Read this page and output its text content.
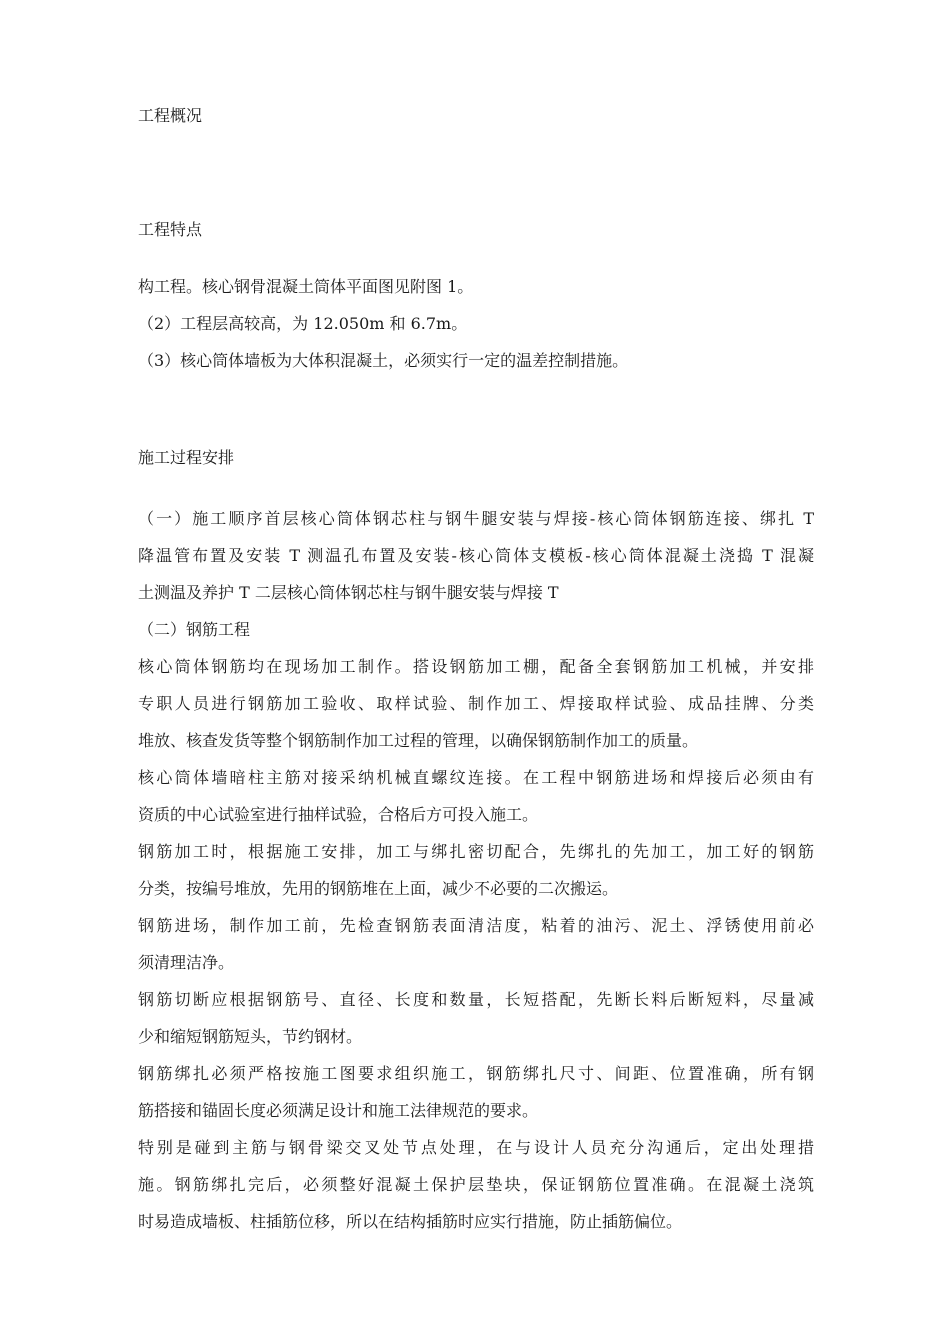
工程概况
工程特点
构工程。核心钢骨混凝土筒体平面图见附图 1。
（2）工程层高较高，为 12.050m 和 6.7m。
（3）核心筒体墙板为大体积混凝土，必须实行一定的温差控制措施。
施工过程安排
（一）施工顺序首层核心筒体钢芯柱与钢牛腿安装与焊接-核心筒体钢筋连接、绑扎 T
降温管布置及安装 T 测温孔布置及安装-核心筒体支模板-核心筒体混凝土浇捣 T 混凝
土测温及养护 T 二层核心筒体钢芯柱与钢牛腿安装与焊接 T
（二）钢筋工程
核心筒体钢筋均在现场加工制作。搭设钢筋加工棚，配备全套钢筋加工机械，并安排
专职人员进行钢筋加工验收、取样试验、制作加工、焊接取样试验、成品挂牌、分类
堆放、核查发货等整个钢筋制作加工过程的管理，以确保钢筋制作加工的质量。
核心筒体墙暗柱主筋对接采纳机械直螺纹连接。在工程中钢筋进场和焊接后必须由有
资质的中心试验室进行抽样试验，合格后方可投入施工。
钢筋加工时，根据施工安排，加工与绑扎密切配合，先绑扎的先加工，加工好的钢筋
分类，按编号堆放，先用的钢筋堆在上面，减少不必要的二次搬运。
钢筋进场，制作加工前，先检查钢筋表面清洁度，粘着的油污、泥土、浮锈使用前必
须清理洁净。
钢筋切断应根据钢筋号、直径、长度和数量，长短搭配，先断长料后断短料，尽量减
少和缩短钢筋短头，节约钢材。
钢筋绑扎必须严格按施工图要求组织施工，钢筋绑扎尺寸、间距、位置准确，所有钢
筋搭接和锚固长度必须满足设计和施工法律规范的要求。
特别是碰到主筋与钢骨梁交叉处节点处理，在与设计人员充分沟通后，定出处理措
施。钢筋绑扎完后，必须整好混凝土保护层垫块，保证钢筋位置准确。在混凝土浇筑
时易造成墙板、柱插筋位移，所以在结构插筋时应实行措施，防止插筋偏位。
